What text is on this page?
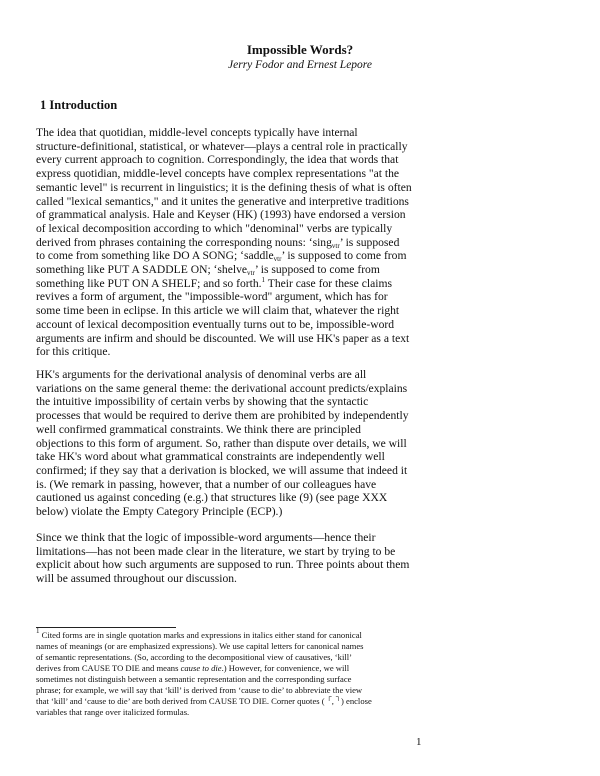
Impossible Words?
Jerry Fodor and Ernest Lepore
1 Introduction
The idea that quotidian, middle-level concepts typically have internal
structure-definitional, statistical, or whatever—plays a central role in practically
every current approach to cognition. Correspondingly, the idea that words that
express quotidian, middle-level concepts have complex representations "at the
semantic level" is recurrent in linguistics; it is the defining thesis of what is often
called "lexical semantics," and it unites the generative and interpretive traditions
of grammatical analysis. Hale and Keyser (HK) (1993) have endorsed a version
of lexical decomposition according to which "denominal" verbs are typically
derived from phrases containing the corresponding nouns: ‘sing$_{vtr}$’ is supposed
to come from something like DO A SONG; ‘saddle$_{vtr}$’ is supposed to come from
something like PUT A SADDLE ON; ‘shelve$_{vtr}$’ is supposed to come from
something like PUT ON A SHELF; and so forth.$^1$ Their case for these claims
revives a form of argument, the "impossible-word" argument, which has for
some time been in eclipse. In this article we will claim that, whatever the right
account of lexical decomposition eventually turns out to be, impossible-word
arguments are infirm and should be discounted. We will use HK's paper as a text
for this critique.
HK's arguments for the derivational analysis of denominal verbs are all
variations on the same general theme: the derivational account predicts/explains
the intuitive impossibility of certain verbs by showing that the syntactic
processes that would be required to derive them are prohibited by independently
well confirmed grammatical constraints. We think there are principled
objections to this form of argument. So, rather than dispute over details, we will
take HK's word about what grammatical constraints are independently well
confirmed; if they say that a derivation is blocked, we will assume that indeed it
is. (We remark in passing, however, that a number of our colleagues have
cautioned us against conceding (e.g.) that structures like (9) (see page XXX
below) violate the Empty Category Principle (ECP).)
Since we think that the logic of impossible-word arguments—hence their
limitations—has not been made clear in the literature, we start by trying to be
explicit about how such arguments are supposed to run. Three points about them
will be assumed throughout our discussion.
$^1$ Cited forms are in single quotation marks and expressions in italics either stand for canonical
names of meanings (or are emphasized expressions). We use capital letters for canonical names
of semantic representations. (So, according to the decompositional view of causatives, ‘kill’
derives from CAUSE TO DIE and means cause to die.) However, for convenience, we will
sometimes not distinguish between a semantic representation and the corresponding surface
phrase; for example, we will say that ‘kill’ is derived from ‘cause to die’ to abbreviate the view
that ‘kill’ and ‘cause to die’ are both derived from CAUSE TO DIE. Corner quotes ( ┌, ┐) enclose
variables that range over italicized formulas.
1
